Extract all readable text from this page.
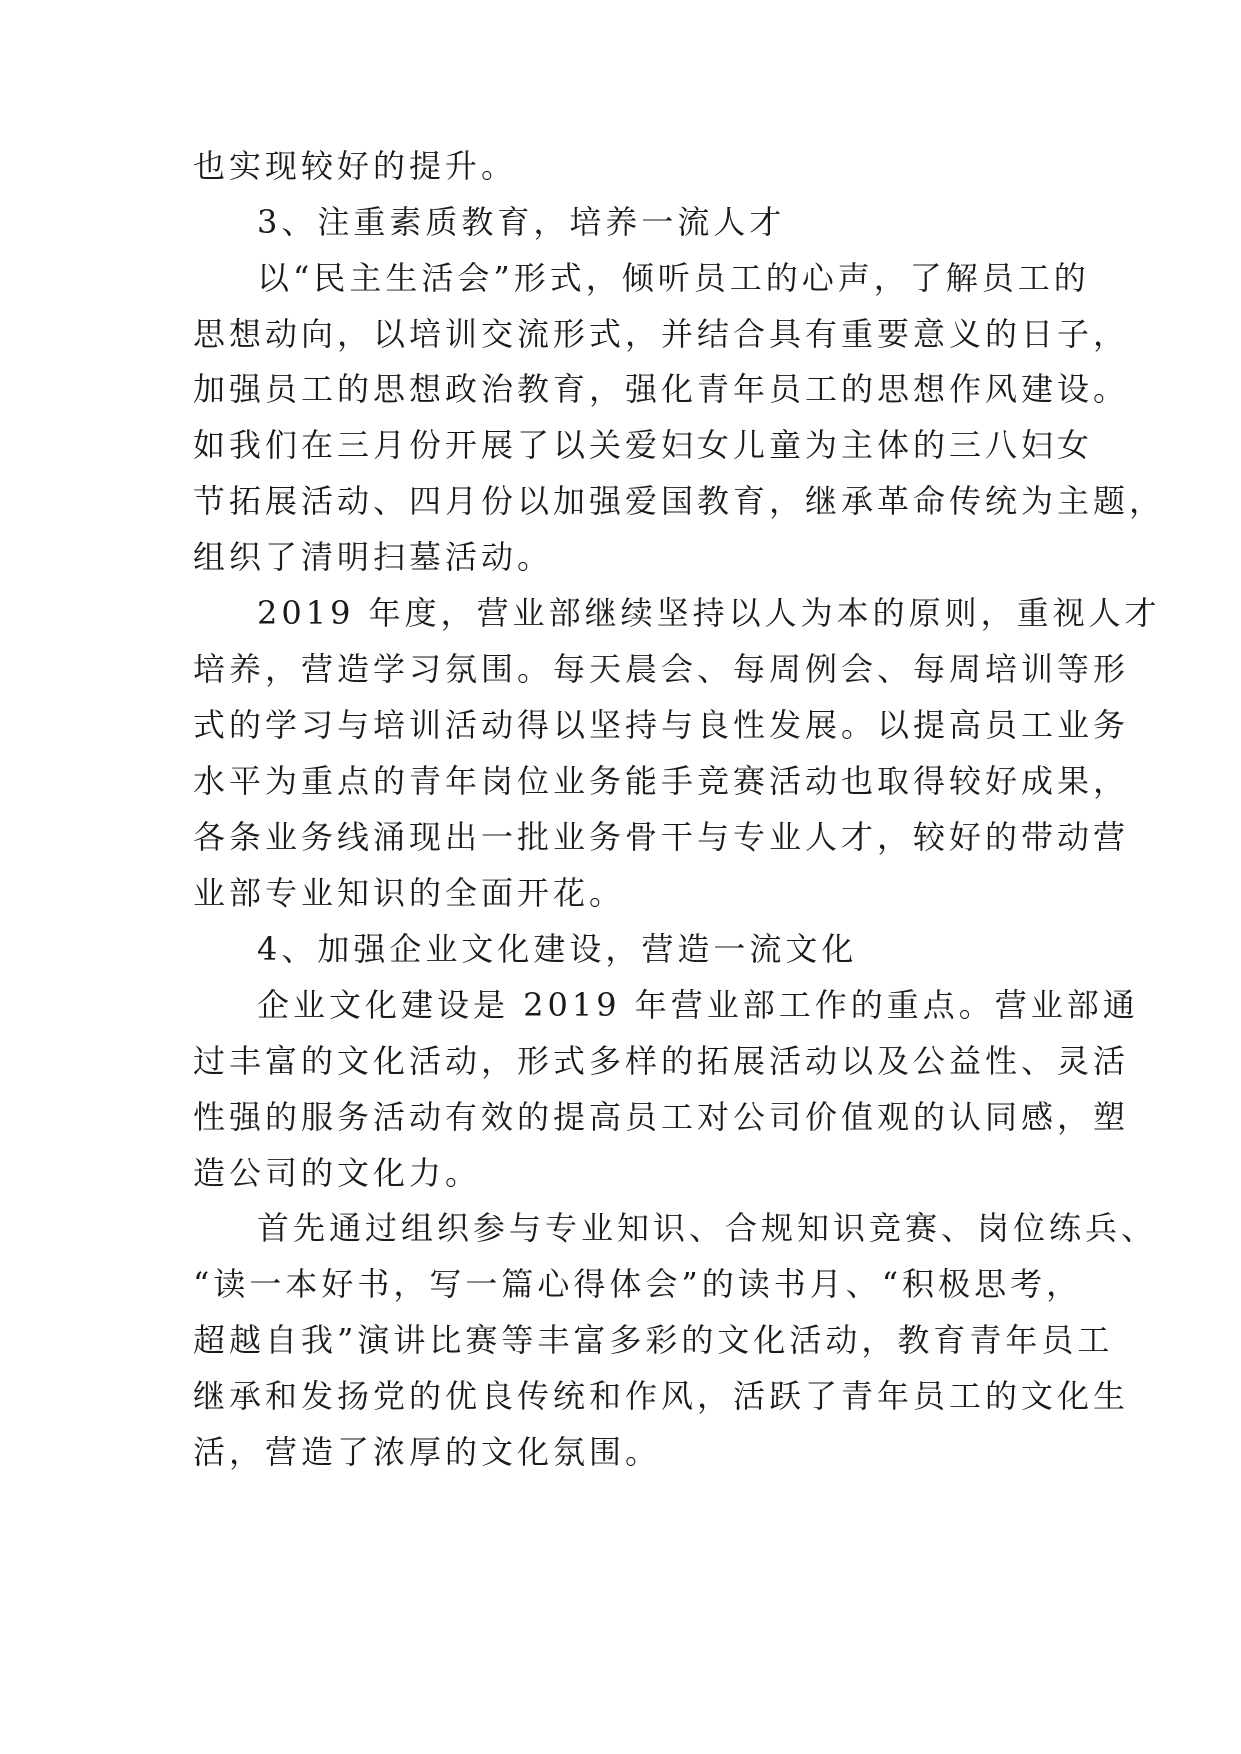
也实现较好的提升。
3、注重素质教育，培养一流人才
以“民主生活会”形式，倾听员工的心声，了解员工的
思想动向，以培训交流形式，并结合具有重要意义的日子，
加强员工的思想政治教育，强化青年员工的思想作风建设。
如我们在三月份开展了以关爱妇女儿童为主体的三八妇女
节拓展活动、四月份以加强爱国教育，继承革命传统为主题，
组织了清明扫墓活动。
2019 年度，营业部继续坚持以人为本的原则，重视人才
培养，营造学习氛围。每天晨会、每周例会、每周培训等形
式的学习与培训活动得以坚持与良性发展。以提高员工业务
水平为重点的青年岗位业务能手竞赛活动也取得较好成果，
各条业务线涌现出一批业务骨干与专业人才，较好的带动营
业部专业知识的全面开花。
4、加强企业文化建设，营造一流文化
企业文化建设是 2019 年营业部工作的重点。营业部通
过丰富的文化活动，形式多样的拓展活动以及公益性、灵活
性强的服务活动有效的提高员工对公司价值观的认同感，塑
造公司的文化力。
首先通过组织参与专业知识、合规知识竞赛、岗位练兵、
“读一本好书，写一篇心得体会”的读书月、“积极思考，
超越自我”演讲比赛等丰富多彩的文化活动，教育青年员工
继承和发扬党的优良传统和作风，活跃了青年员工的文化生
活，营造了浓厚的文化氛围。
